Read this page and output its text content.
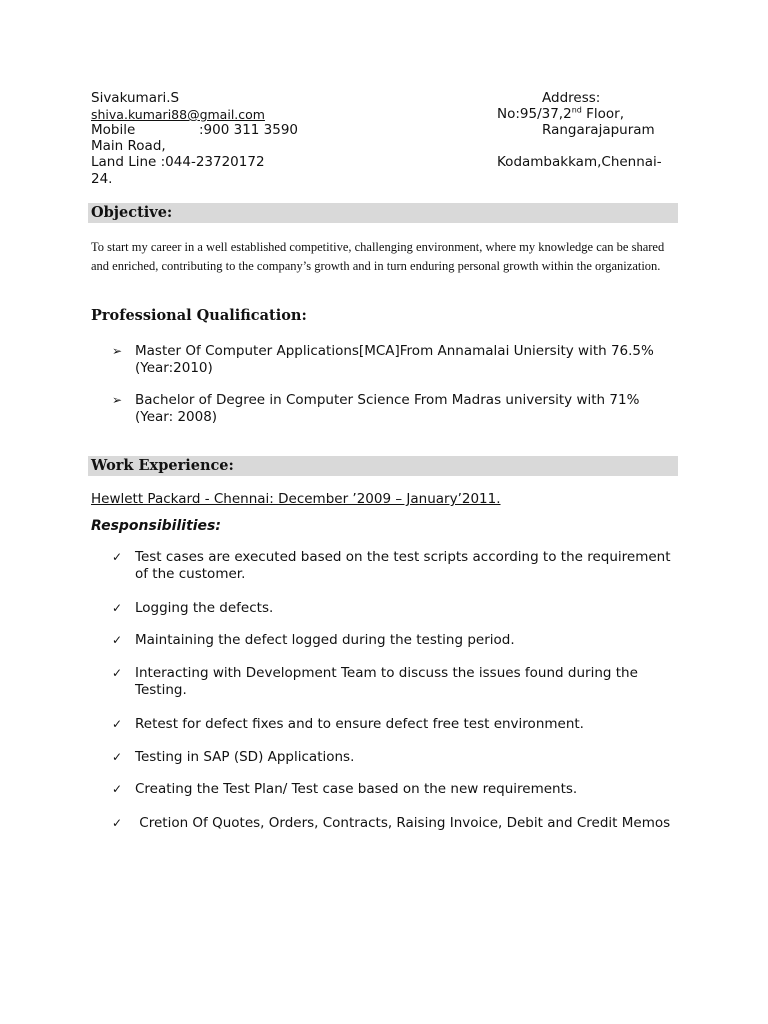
Sivakumari.S
shiva.kumari88@gmail.com
Mobile	:900 311 3590
Main Road,
Land Line :044-23720172
24.
Address:
No:95/37,2nd Floor,
Rangarajapuram
Kodambakkam,Chennai-
Objective:
To start my career in a well established competitive, challenging environment, where my knowledge can be shared and enriched, contributing to the company’s growth and in turn enduring personal growth within the organization.
Professional Qualification:
➢ Master Of Computer Applications[MCA]From Annamalai Uniersity with 76.5% (Year:2010)
➢ Bachelor of Degree in Computer Science From Madras university with 71% (Year: 2008)
Work Experience:
Hewlett Packard - Chennai: December ’2009 – January’2011.
Responsibilities:
✓ Test cases are executed based on the test scripts according to the requirement of the customer.
✓ Logging the defects.
✓ Maintaining the defect logged during the testing period.
✓ Interacting with Development Team to discuss the issues found during the Testing.
✓ Retest for defect fixes and to ensure defect free test environment.
✓ Testing in SAP (SD) Applications.
✓ Creating the Test Plan/ Test case based on the new requirements.
✓ Cretion Of Quotes, Orders, Contracts, Raising Invoice, Debit and Credit Memos
